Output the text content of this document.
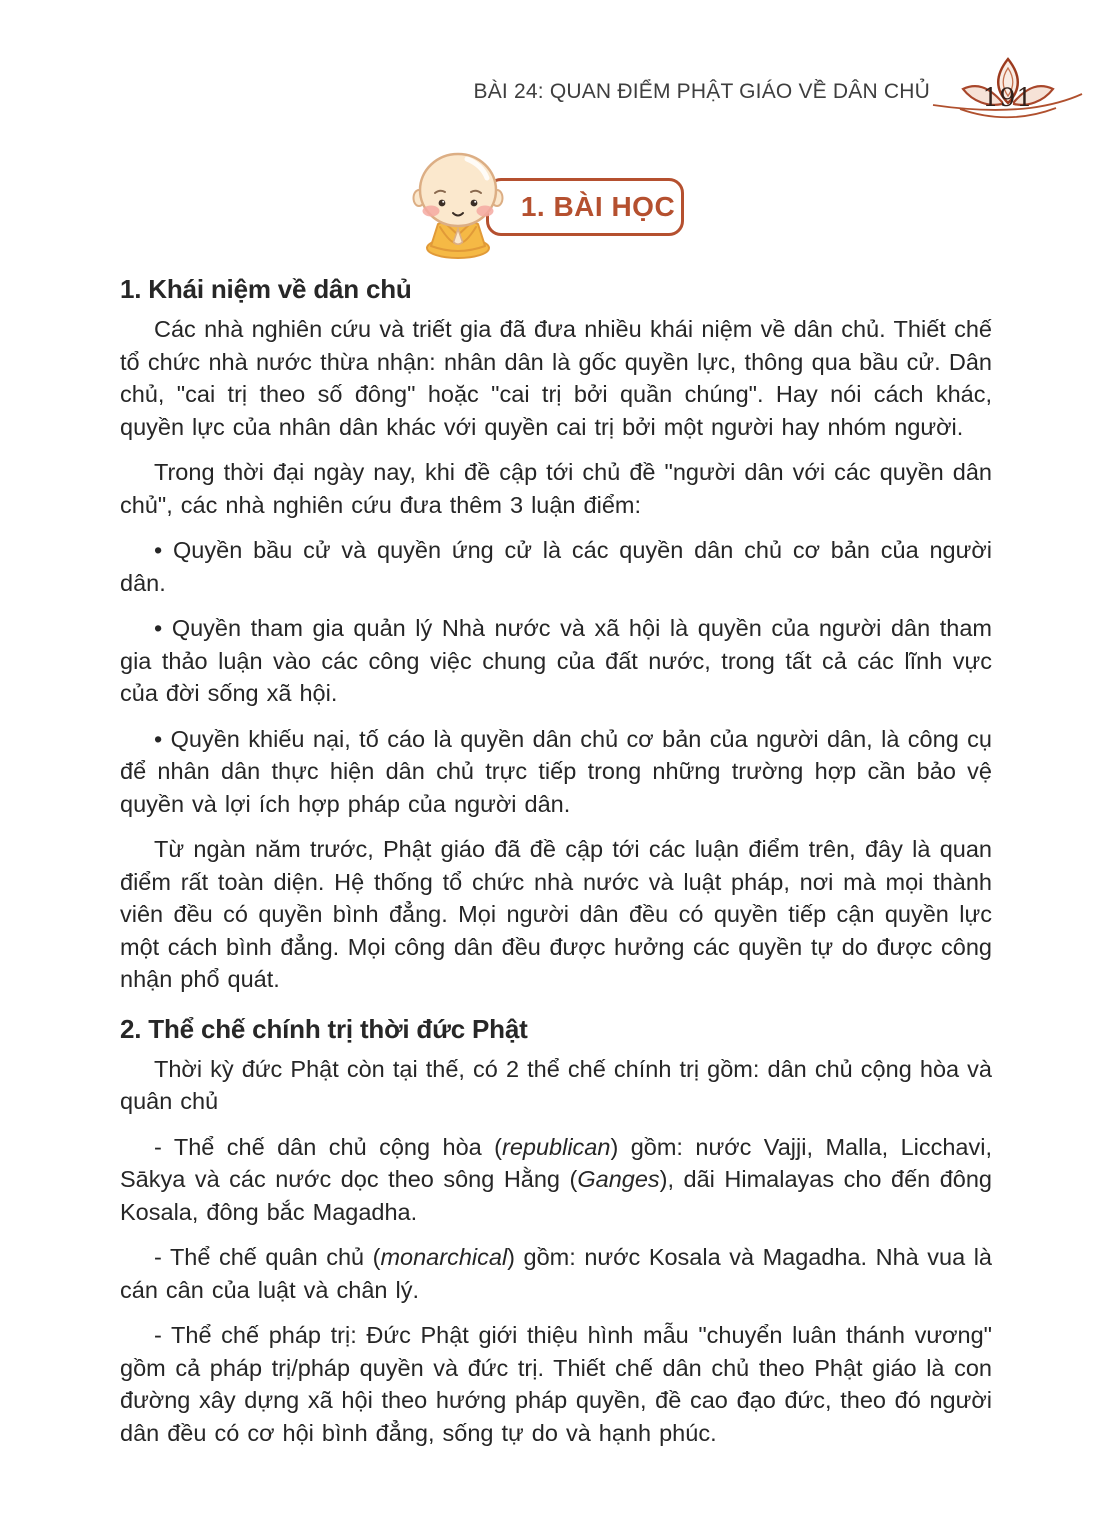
BÀI 24: QUAN ĐIỂM PHẬT GIÁO VỀ DÂN CHỦ 191
1. BÀI HỌC
1. Khái niệm về dân chủ

Các nhà nghiên cứu và triết gia đã đưa nhiều khái niệm về dân chủ. Thiết chế tổ chức nhà nước thừa nhận: nhân dân là gốc quyền lực, thông qua bầu cử. Dân chủ, "cai trị theo số đông" hoặc "cai trị bởi quần chúng". Hay nói cách khác, quyền lực của nhân dân khác với quyền cai trị bởi một người hay nhóm người.

Trong thời đại ngày nay, khi đề cập tới chủ đề "người dân với các quyền dân chủ", các nhà nghiên cứu đưa thêm 3 luận điểm:

• Quyền bầu cử và quyền ứng cử là các quyền dân chủ cơ bản của người dân.

• Quyền tham gia quản lý Nhà nước và xã hội là quyền của người dân tham gia thảo luận vào các công việc chung của đất nước, trong tất cả các lĩnh vực của đời sống xã hội.

• Quyền khiếu nại, tố cáo là quyền dân chủ cơ bản của người dân, là công cụ để nhân dân thực hiện dân chủ trực tiếp trong những trường hợp cần bảo vệ quyền và lợi ích hợp pháp của người dân.

Từ ngàn năm trước, Phật giáo đã đề cập tới các luận điểm trên, đây là quan điểm rất toàn diện. Hệ thống tổ chức nhà nước và luật pháp, nơi mà mọi thành viên đều có quyền bình đẳng. Mọi người dân đều có quyền tiếp cận quyền lực một cách bình đẳng. Mọi công dân đều được hưởng các quyền tự do được công nhận phổ quát.

2. Thể chế chính trị thời đức Phật

Thời kỳ đức Phật còn tại thế, có 2 thể chế chính trị gồm: dân chủ cộng hòa và quân chủ

- Thể chế dân chủ cộng hòa (republican) gồm: nước Vajji, Malla, Licchavi, Sākya và các nước dọc theo sông Hằng (Ganges), dãi Himalayas cho đến đông Kosala, đông bắc Magadha.

- Thể chế quân chủ (monarchical) gồm: nước Kosala và Magadha. Nhà vua là cán cân của luật và chân lý.

- Thể chế pháp trị: Đức Phật giới thiệu hình mẫu "chuyển luân thánh vương" gồm cả pháp trị/pháp quyền và đức trị. Thiết chế dân chủ theo Phật giáo là con đường xây dựng xã hội theo hướng pháp quyền, đề cao đạo đức, theo đó người dân đều có cơ hội bình đẳng, sống tự do và hạnh phúc.
